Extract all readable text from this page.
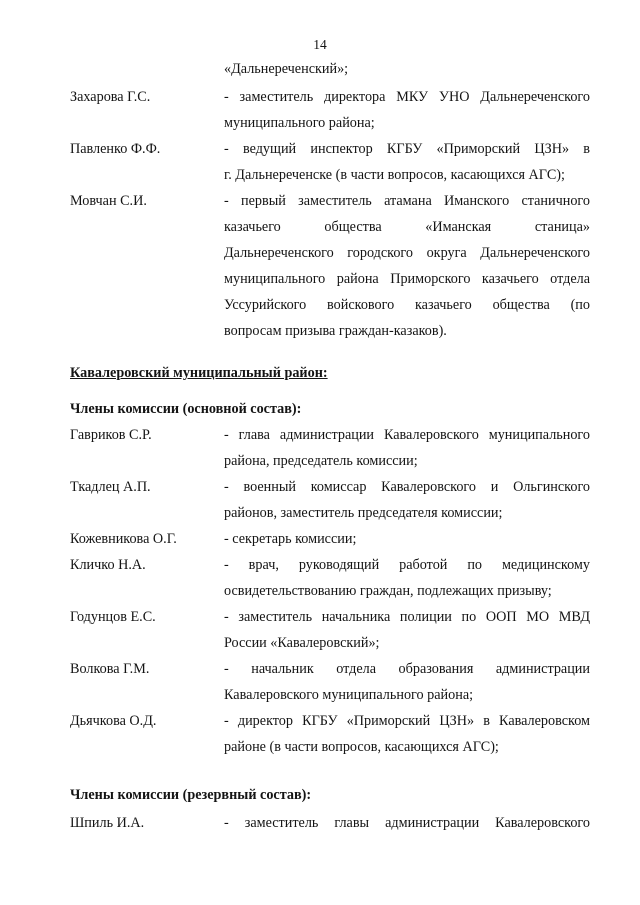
14
«Дальнереченский»;
Захарова Г.С.	- заместитель директора МКУ УНО Дальнереченского
муниципального района;
Павленко Ф.Ф.	- ведущий инспектор КГБУ «Приморский ЦЗН» в
г. Дальнереченске (в части вопросов, касающихся АГС);
Мовчан С.И.	- первый заместитель атамана Иманского станичного
казачьего общества «Иманская станица»
Дальнереченского городского округа Дальнереченского
муниципального района Приморского казачьего отдела
Уссурийского войскового казачьего общества (по
вопросам призыва граждан-казаков).
Кавалеровский муниципальный район:
Члены комиссии (основной состав):
Гавриков С.Р.	- глава администрации Кавалеровского муниципального
района, председатель комиссии;
Ткадлец А.П.	- военный комиссар Кавалеровского и Ольгинского
районов, заместитель председателя комиссии;
Кожевникова О.Г.	- секретарь комиссии;
Кличко Н.А.	- врач, руководящий работой по медицинскому
освидетельствованию граждан, подлежащих призыву;
Годунцов Е.С.	- заместитель начальника полиции по ООП МО МВД
России «Кавалеровский»;
Волкова Г.М.	- начальник отдела образования администрации
Кавалеровского муниципального района;
Дьячкова О.Д.	- директор КГБУ «Приморский ЦЗН» в Кавалеровском
районе (в части вопросов, касающихся АГС);
Члены комиссии (резервный состав):
Шпиль И.А.	- заместитель главы администрации Кавалеровского
